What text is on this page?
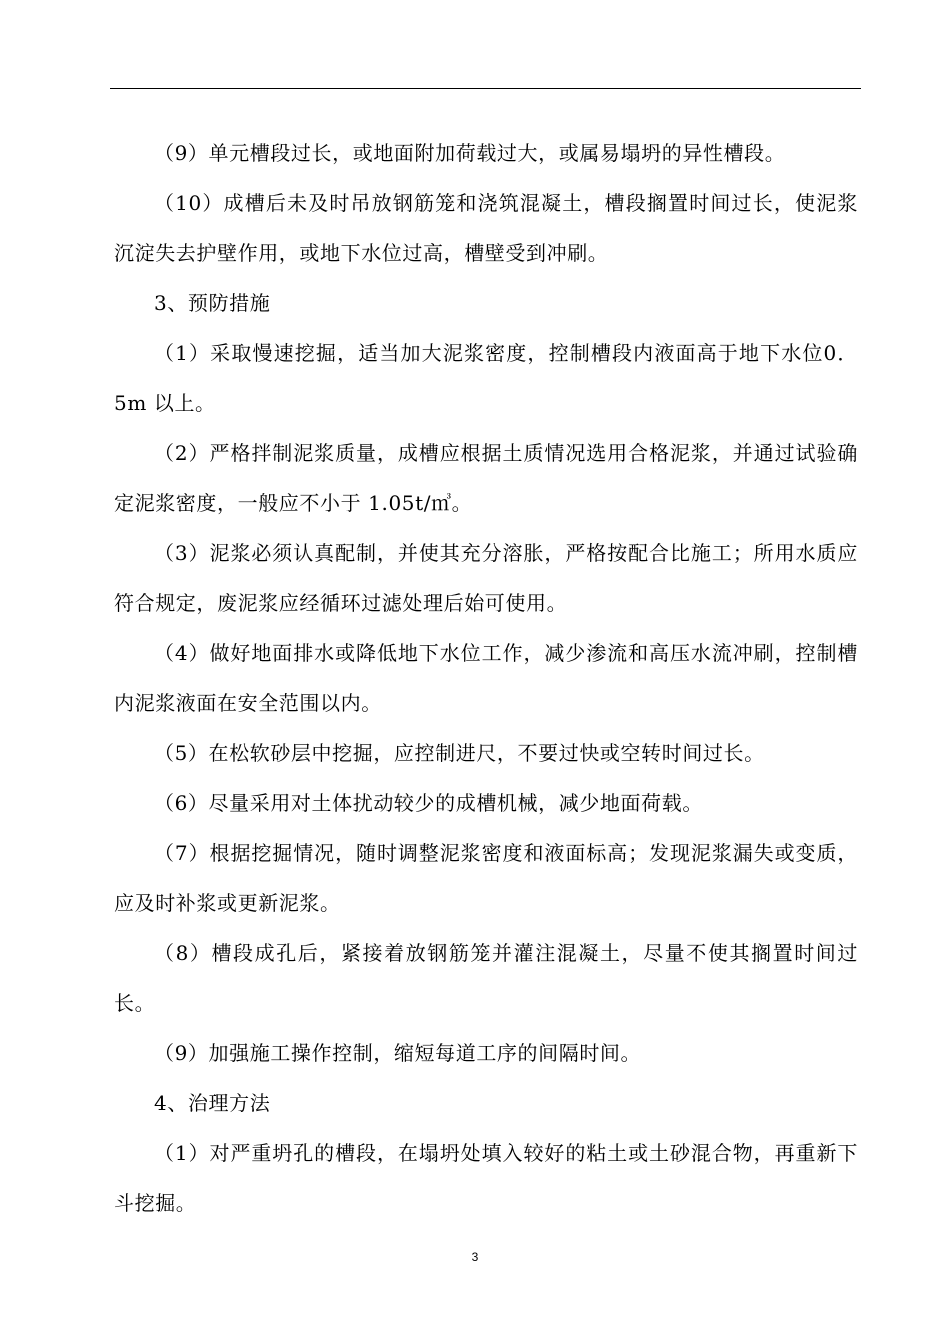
（9）单元槽段过长，或地面附加荷载过大，或属易塌坍的异性槽段。

（10）成槽后未及时吊放钢筋笼和浇筑混凝土，槽段搁置时间过长，使泥浆沉淀失去护壁作用，或地下水位过高，槽壁受到冲刷。

3、预防措施

（1）采取慢速挖掘，适当加大泥浆密度，控制槽段内液面高于地下水位0．5m 以上。

（2）严格拌制泥浆质量，成槽应根据土质情况选用合格泥浆，并通过试验确定泥浆密度，一般应不小于 1.05t/㎥。

（3）泥浆必须认真配制，并使其充分溶胀，严格按配合比施工；所用水质应符合规定，废泥浆应经循环过滤处理后始可使用。

（4）做好地面排水或降低地下水位工作，减少渗流和高压水流冲刷，控制槽内泥浆液面在安全范围以内。

（5）在松软砂层中挖掘，应控制进尺，不要过快或空转时间过长。

（6）尽量采用对土体扰动较少的成槽机械，减少地面荷载。

（7）根据挖掘情况，随时调整泥浆密度和液面标高；发现泥浆漏失或变质，应及时补浆或更新泥浆。

（8）槽段成孔后，紧接着放钢筋笼并灌注混凝土，尽量不使其搁置时间过长。

（9）加强施工操作控制，缩短每道工序的间隔时间。

4、治理方法

（1）对严重坍孔的槽段，在塌坍处填入较好的粘土或土砂混合物，再重新下斗挖掘。

3
